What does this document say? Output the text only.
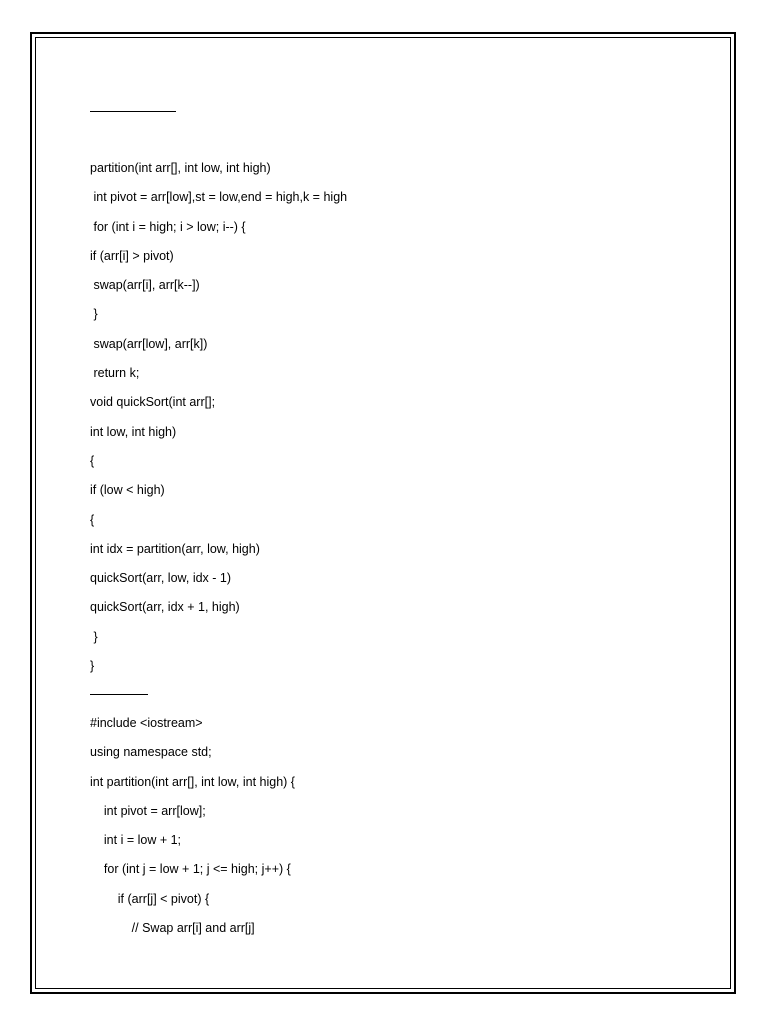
partition(int arr[], int low, int high)
int pivot = arr[low],st = low,end = high,k = high
for (int i = high; i > low; i--) {
if (arr[i] > pivot)
swap(arr[i], arr[k--])
}
swap(arr[low], arr[k])
return k;
void quickSort(int arr[];
int low, int high)
{
if (low < high)
{
int idx = partition(arr, low, high)
quickSort(arr, low, idx - 1)
quickSort(arr, idx + 1, high)
}
}
#include <iostream>
using namespace std;
int partition(int arr[], int low, int high) {
int pivot = arr[low];
int i = low + 1;
for (int j = low + 1; j <= high; j++) {
if (arr[j] < pivot) {
// Swap arr[i] and arr[j]
